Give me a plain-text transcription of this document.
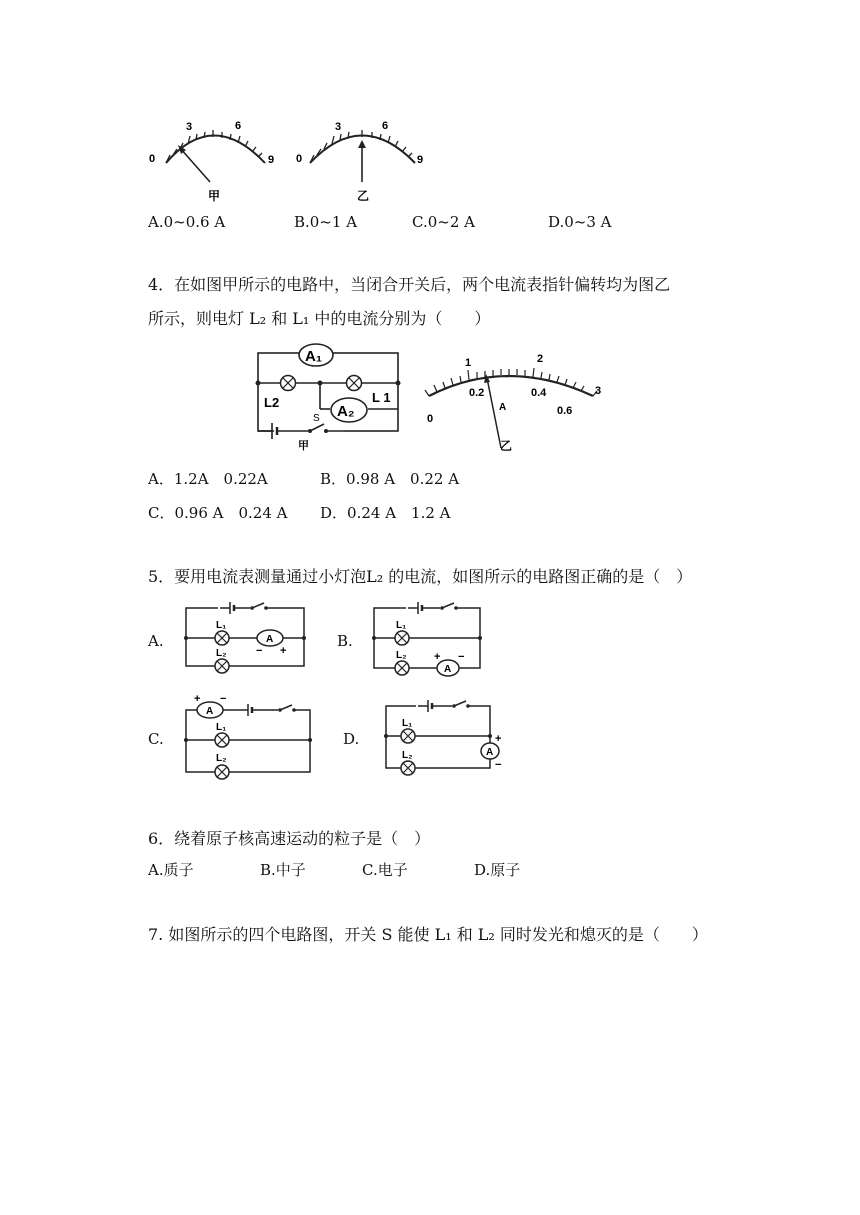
0
3	6
9
甲
0
3	6
9
乙
A.0~0.6 A	B.0~1 A	C.0~2 A	D.0~3 A
4．在如图甲所示的电路中，当闭合开关后，两个电流表指针偏转均为图乙
所示，则电灯 L₂ 和 L₁ 中的电流分别为（　　）
A₁
A₂
L2	L 1
S
甲
1	2
3
0
0.2	0.4
0.6
A
乙
A．1.2A　0.22A	B．0.98 A　0.22 A
C．0.96 A　0.24 A D．0.24 A　1.2 A
5．要用电流表测量通过小灯泡L₂ 的电流，如图所示的电路图正确的是（　）
A.	B.
C.	D.
A
L₁
L₂	− +
A
L₁
L₂ + −
A
+ −
L₁
L₂
A
+
−
L₁
L₂
6．绕着原子核高速运动的粒子是（　）
A.质子	B.中子	C.电子	D.原子
7. 如图所示的四个电路图，开关 S 能使 L₁ 和 L₂ 同时发光和熄灭的是（　　）
